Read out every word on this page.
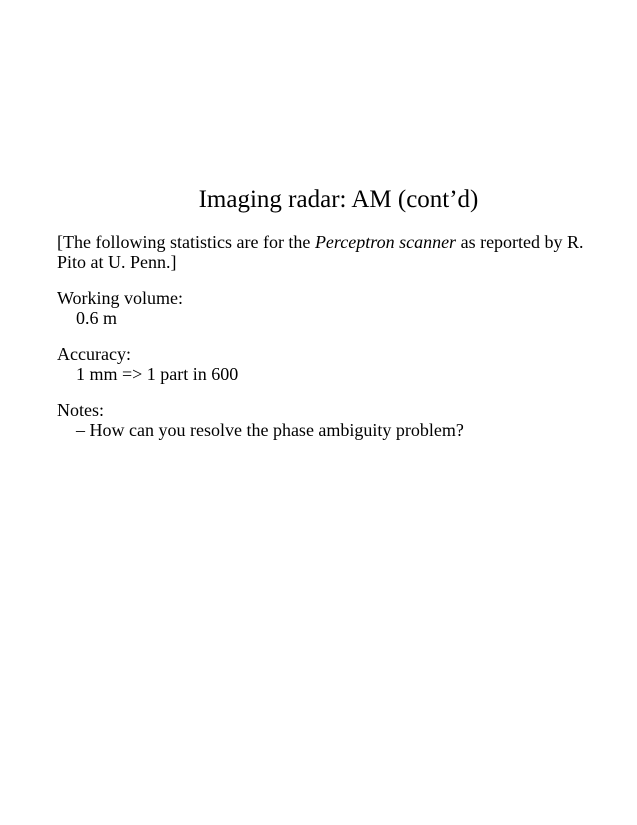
Imaging radar: AM (cont’d)

[The following statistics are for the Perceptron scanner as reported by R. Pito at U. Penn.]

Working volume:
0.6 m
Accuracy:
1 mm => 1 part in 600
Notes:
– How can you resolve the phase ambiguity problem?
